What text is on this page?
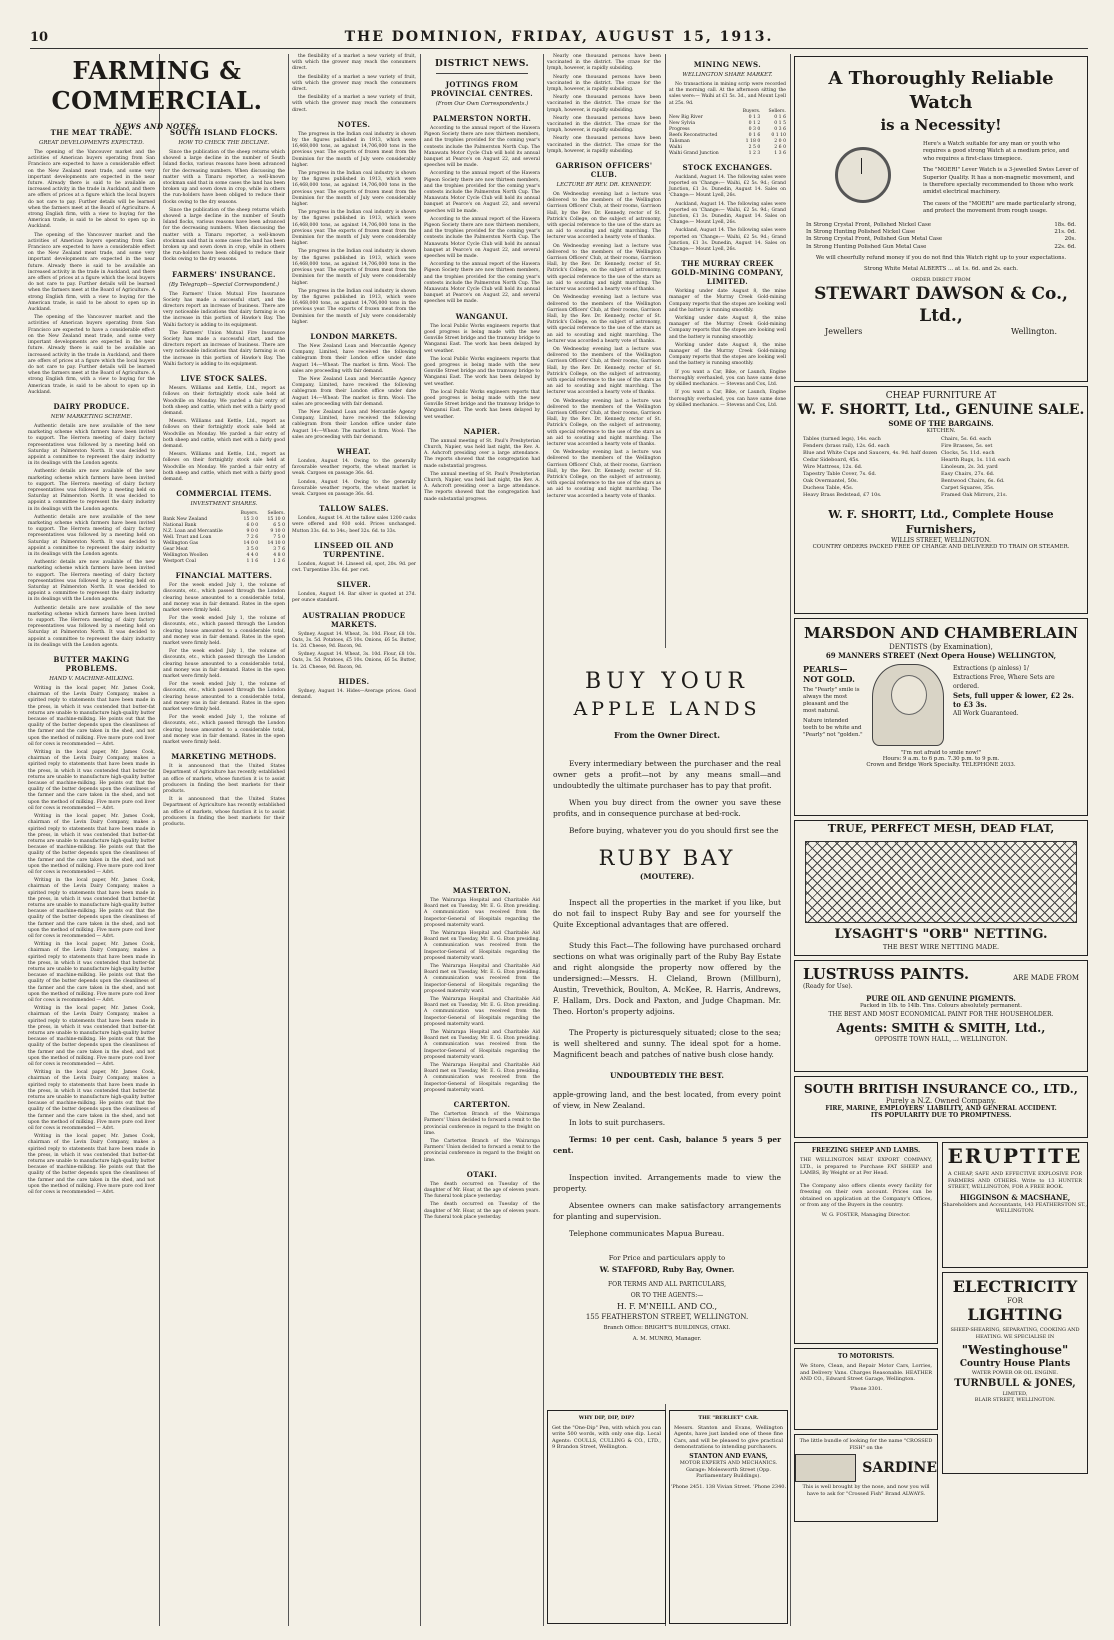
10	THE DOMINION, FRIDAY, AUGUST 15, 1913.
FARMING & COMMERCIAL.
NEWS AND NOTES.
THE MEAT TRADE.
GREAT DEVELOPMENTS EXPECTED.

The opening of the Vancouver market and the activities of American buyers operating from San Francisco are expected to have a considerable effect on the New Zealand meat trade, and some very important developments are expected in the near future. Already there is said to be available an increased activity in the trade in Auckland, and there are offers of prices at a figure which the local buyers do not care to pay. Further details will be learned when the farmers meet at the Board of Agriculture. A strong English firm, with a view to buying for the American trade, is said to be about to open up in Auckland.

The opening of the Vancouver market and the activities of American buyers operating from San Francisco are expected to have a considerable effect on the New Zealand meat trade, and some very important developments are expected in the near future. Already there is said to be available an increased activity in the trade in Auckland, and there are offers of prices at a figure which the local buyers do not care to pay. Further details will be learned when the farmers meet at the Board of Agriculture. A strong English firm, with a view to buying for the American trade, is said to be about to open up in Auckland.

The opening of the Vancouver market and the activities of American buyers operating from San Francisco are expected to have a considerable effect on the New Zealand meat trade, and some very important developments are expected in the near future. Already there is said to be available an increased activity in the trade in Auckland, and there are offers of prices at a figure which the local buyers do not care to pay. Further details will be learned when the farmers meet at the Board of Agriculture. A strong English firm, with a view to buying for the American trade, is said to be about to open up in Auckland.

DAIRY PRODUCE.
NEW MARKETING SCHEME.

Authentic details are now available of the new marketing scheme which farmers have been invited to support. The Herrera meeting of dairy factory representatives was followed by a meeting held on Saturday at Palmerston North. It was decided to appoint a committee to represent the dairy industry in its dealings with the London agents.

Authentic details are now available of the new marketing scheme which farmers have been invited to support. The Herrera meeting of dairy factory representatives was followed by a meeting held on Saturday at Palmerston North. It was decided to appoint a committee to represent the dairy industry in its dealings with the London agents.

Authentic details are now available of the new marketing scheme which farmers have been invited to support. The Herrera meeting of dairy factory representatives was followed by a meeting held on Saturday at Palmerston North. It was decided to appoint a committee to represent the dairy industry in its dealings with the London agents.

Authentic details are now available of the new marketing scheme which farmers have been invited to support. The Herrera meeting of dairy factory representatives was followed by a meeting held on Saturday at Palmerston North. It was decided to appoint a committee to represent the dairy industry in its dealings with the London agents.

Authentic details are now available of the new marketing scheme which farmers have been invited to support. The Herrera meeting of dairy factory representatives was followed by a meeting held on Saturday at Palmerston North. It was decided to appoint a committee to represent the dairy industry in its dealings with the London agents.

BUTTER MAKING PROBLEMS.
HAND V. MACHINE-MILKING.

Writing in the local paper, Mr. James Cook, chairman of the Levin Dairy Company, makes a spirited reply to statements that have been made in the press, in which it was contended that butter-fat returns are unable to manufacture high-quality butter because of machine-milking. He points out that the quality of the butter depends upon the cleanliness of the farmer and the care taken in the shed, and not upon the method of milking. Five more pure cod liver oil for cows is recommended — Advt.

Writing in the local paper, Mr. James Cook, chairman of the Levin Dairy Company, makes a spirited reply to statements that have been made in the press, in which it was contended that butter-fat returns are unable to manufacture high-quality butter because of machine-milking. He points out that the quality of the butter depends upon the cleanliness of the farmer and the care taken in the shed, and not upon the method of milking. Five more pure cod liver oil for cows is recommended — Advt.

Writing in the local paper, Mr. James Cook, chairman of the Levin Dairy Company, makes a spirited reply to statements that have been made in the press, in which it was contended that butter-fat returns are unable to manufacture high-quality butter because of machine-milking. He points out that the quality of the butter depends upon the cleanliness of the farmer and the care taken in the shed, and not upon the method of milking. Five more pure cod liver oil for cows is recommended — Advt.

Writing in the local paper, Mr. James Cook, chairman of the Levin Dairy Company, makes a spirited reply to statements that have been made in the press, in which it was contended that butter-fat returns are unable to manufacture high-quality butter because of machine-milking. He points out that the quality of the butter depends upon the cleanliness of the farmer and the care taken in the shed, and not upon the method of milking. Five more pure cod liver oil for cows is recommended — Advt.

Writing in the local paper, Mr. James Cook, chairman of the Levin Dairy Company, makes a spirited reply to statements that have been made in the press, in which it was contended that butter-fat returns are unable to manufacture high-quality butter because of machine-milking. He points out that the quality of the butter depends upon the cleanliness of the farmer and the care taken in the shed, and not upon the method of milking. Five more pure cod liver oil for cows is recommended — Advt.

Writing in the local paper, Mr. James Cook, chairman of the Levin Dairy Company, makes a spirited reply to statements that have been made in the press, in which it was contended that butter-fat returns are unable to manufacture high-quality butter because of machine-milking. He points out that the quality of the butter depends upon the cleanliness of the farmer and the care taken in the shed, and not upon the method of milking. Five more pure cod liver oil for cows is recommended — Advt.

Writing in the local paper, Mr. James Cook, chairman of the Levin Dairy Company, makes a spirited reply to statements that have been made in the press, in which it was contended that butter-fat returns are unable to manufacture high-quality butter because of machine-milking. He points out that the quality of the butter depends upon the cleanliness of the farmer and the care taken in the shed, and not upon the method of milking. Five more pure cod liver oil for cows is recommended — Advt.

Writing in the local paper, Mr. James Cook, chairman of the Levin Dairy Company, makes a spirited reply to statements that have been made in the press, in which it was contended that butter-fat returns are unable to manufacture high-quality butter because of machine-milking. He points out that the quality of the butter depends upon the cleanliness of the farmer and the care taken in the shed, and not upon the method of milking. Five more pure cod liver oil for cows is recommended — Advt.

SOUTH ISLAND FLOCKS.
HOW TO CHECK THE DECLINE.

Since the publication of the sheep returns which showed a large decline in the number of South Island flocks, various reasons have been advanced for the decreasing numbers. When discussing the matter with a Timaru reporter, a well-known stockman said that in some cases the land has been broken up and sown down in crop, while in others the run-holders have been obliged to reduce their flocks owing to the dry seasons.

Since the publication of the sheep returns which showed a large decline in the number of South Island flocks, various reasons have been advanced for the decreasing numbers. When discussing the matter with a Timaru reporter, a well-known stockman said that in some cases the land has been broken up and sown down in crop, while in others the run-holders have been obliged to reduce their flocks owing to the dry seasons.

FARMERS' INSURANCE.
(By Telegraph—Special Correspondent.)

The Farmers' Union Mutual Fire Insurance Society has made a successful start, and the directors report an increase of business. There are very noticeable indications that dairy farming is on the increase in this portion of Hawke's Bay. The Waihi factory is adding to its equipment.

The Farmers' Union Mutual Fire Insurance Society has made a successful start, and the directors report an increase of business. There are very noticeable indications that dairy farming is on the increase in this portion of Hawke's Bay. The Waihi factory is adding to its equipment.

LIVE STOCK SALES.

Messrs. Williams and Kettle, Ltd., report as follows on their fortnightly stock sale held at Woodville on Monday. We yarded a fair entry of both sheep and cattle, which met with a fairly good demand.

Messrs. Williams and Kettle, Ltd., report as follows on their fortnightly stock sale held at Woodville on Monday. We yarded a fair entry of both sheep and cattle, which met with a fairly good demand.

Messrs. Williams and Kettle, Ltd., report as follows on their fortnightly stock sale held at Woodville on Monday. We yarded a fair entry of both sheep and cattle, which met with a fairly good demand.

COMMERCIAL ITEMS.
INVESTMENT SHARES.
	Buyers.	Sellers.
Bank New Zealand	15 3 0	15 10 0
National Bank	6 0 0	6 5 0
N.Z. Loan and Mercantile	9 0 0	9 10 0
Well. Trust and Loan	7 2 6	7 5 0
Wellington Gas	14 0 0	14 10 0
Gear Meat	3 5 0	3 7 6
Wellington Woollen	4 4 0	4 8 0
Westport Coal	1 1 6	1 2 6
FINANCIAL MATTERS.

For the week ended July 1, the volume of discounts, etc., which passed through the London clearing house amounted to a considerable total, and money was in fair demand. Rates in the open market were firmly held.

For the week ended July 1, the volume of discounts, etc., which passed through the London clearing house amounted to a considerable total, and money was in fair demand. Rates in the open market were firmly held.

For the week ended July 1, the volume of discounts, etc., which passed through the London clearing house amounted to a considerable total, and money was in fair demand. Rates in the open market were firmly held.

For the week ended July 1, the volume of discounts, etc., which passed through the London clearing house amounted to a considerable total, and money was in fair demand. Rates in the open market were firmly held.

For the week ended July 1, the volume of discounts, etc., which passed through the London clearing house amounted to a considerable total, and money was in fair demand. Rates in the open market were firmly held.

MARKETING METHODS.

It is announced that the United States Department of Agriculture has recently established an office of markets, whose function it is to assist producers in finding the best markets for their products.

It is announced that the United States Department of Agriculture has recently established an office of markets, whose function it is to assist producers in finding the best markets for their products.

the flexibility of a market a new variety of fruit, with which the grower may reach the consumers direct.

the flexibility of a market a new variety of fruit, with which the grower may reach the consumers direct.

the flexibility of a market a new variety of fruit, with which the grower may reach the consumers direct.

NOTES.

The progress in the Indian coal industry is shown by the figures published in 1913, which were 16,468,000 tons, as against 14,706,000 tons in the previous year. The exports of frozen meat from the Dominion for the month of July were considerably higher.

The progress in the Indian coal industry is shown by the figures published in 1913, which were 16,468,000 tons, as against 14,706,000 tons in the previous year. The exports of frozen meat from the Dominion for the month of July were considerably higher.

The progress in the Indian coal industry is shown by the figures published in 1913, which were 16,468,000 tons, as against 14,706,000 tons in the previous year. The exports of frozen meat from the Dominion for the month of July were considerably higher.

The progress in the Indian coal industry is shown by the figures published in 1913, which were 16,468,000 tons, as against 14,706,000 tons in the previous year. The exports of frozen meat from the Dominion for the month of July were considerably higher.

The progress in the Indian coal industry is shown by the figures published in 1913, which were 16,468,000 tons, as against 14,706,000 tons in the previous year. The exports of frozen meat from the Dominion for the month of July were considerably higher.

LONDON MARKETS.

The New Zealand Loan and Mercantile Agency Company, Limited, have received the following cablegram from their London office under date August 14:—Wheat: The market is firm. Wool: The sales are proceeding with fair demand.

The New Zealand Loan and Mercantile Agency Company, Limited, have received the following cablegram from their London office under date August 14:—Wheat: The market is firm. Wool: The sales are proceeding with fair demand.

The New Zealand Loan and Mercantile Agency Company, Limited, have received the following cablegram from their London office under date August 14:—Wheat: The market is firm. Wool: The sales are proceeding with fair demand.

WHEAT.

London, August 14. Owing to the generally favourable weather reports, the wheat market is weak. Cargoes on passage 36s. 6d.

London, August 14. Owing to the generally favourable weather reports, the wheat market is weak. Cargoes on passage 36s. 6d.

TALLOW SALES.

London, August 14. At the tallow sales 1200 casks were offered and 930 sold. Prices unchanged. Mutton 33s. 6d. to 34s.; beef 32s. 6d. to 33s.

LINSEED OIL AND TURPENTINE.

London, August 14. Linseed oil, spot, 20s. 9d. per cwt. Turpentine 33s. 6d. per cwt.

SILVER.

London, August 14. Bar silver is quoted at 27d. per ounce standard.

AUSTRALIAN PRODUCE MARKETS.

Sydney, August 14. Wheat, 3s. 10d. Flour, £8 10s. Oats, 3s. 5d. Potatoes, £5 10s. Onions, £6 5s. Butter, 1s. 2d. Cheese, 9d. Bacon, 9d.

Sydney, August 14. Wheat, 3s. 10d. Flour, £8 10s. Oats, 3s. 5d. Potatoes, £5 10s. Onions, £6 5s. Butter, 1s. 2d. Cheese, 9d. Bacon, 9d.

HIDES.

Sydney, August 14. Hides—Average prices. Good demand.

DISTRICT NEWS.
JOTTINGS FROM PROVINCIAL CENTRES.
(From Our Own Correspondents.)
PALMERSTON NORTH.

According to the annual report of the Hawera Pigeon Society there are now thirteen members, and the trophies provided for the coming year's contests include the Palmerston North Cup. The Manawatu Motor Cycle Club will hold its annual banquet at Pearce's on August 22, and several speeches will be made.

According to the annual report of the Hawera Pigeon Society there are now thirteen members, and the trophies provided for the coming year's contests include the Palmerston North Cup. The Manawatu Motor Cycle Club will hold its annual banquet at Pearce's on August 22, and several speeches will be made.

According to the annual report of the Hawera Pigeon Society there are now thirteen members, and the trophies provided for the coming year's contests include the Palmerston North Cup. The Manawatu Motor Cycle Club will hold its annual banquet at Pearce's on August 22, and several speeches will be made.

According to the annual report of the Hawera Pigeon Society there are now thirteen members, and the trophies provided for the coming year's contests include the Palmerston North Cup. The Manawatu Motor Cycle Club will hold its annual banquet at Pearce's on August 22, and several speeches will be made.

WANGANUI.

The local Public Works engineers reports that good progress is being made with the new Gonville Street bridge and the tramway bridge to Wanganui East. The work has been delayed by wet weather.

The local Public Works engineers reports that good progress is being made with the new Gonville Street bridge and the tramway bridge to Wanganui East. The work has been delayed by wet weather.

The local Public Works engineers reports that good progress is being made with the new Gonville Street bridge and the tramway bridge to Wanganui East. The work has been delayed by wet weather.

NAPIER.

The annual meeting of St. Paul's Presbyterian Church, Napier, was held last night, the Rev. A. A. Ashcroft presiding over a large attendance. The reports showed that the congregation had made substantial progress.

The annual meeting of St. Paul's Presbyterian Church, Napier, was held last night, the Rev. A. A. Ashcroft presiding over a large attendance. The reports showed that the congregation had made substantial progress.

Nearly one thousand persons have been vaccinated in the district. The craze for the lymph, however, is rapidly subsiding.

Nearly one thousand persons have been vaccinated in the district. The craze for the lymph, however, is rapidly subsiding.

Nearly one thousand persons have been vaccinated in the district. The craze for the lymph, however, is rapidly subsiding.

Nearly one thousand persons have been vaccinated in the district. The craze for the lymph, however, is rapidly subsiding.

Nearly one thousand persons have been vaccinated in the district. The craze for the lymph, however, is rapidly subsiding.

GARRISON OFFICERS' CLUB.
LECTURE BY REV. DR. KENNEDY.

On Wednesday evening last a lecture was delivered to the members of the Wellington Garrison Officers' Club, at their rooms, Garrison Hall, by the Rev. Dr. Kennedy, rector of St. Patrick's College, on the subject of astronomy, with special reference to the use of the stars as an aid to scouting and night marching. The lecturer was accorded a hearty vote of thanks.

On Wednesday evening last a lecture was delivered to the members of the Wellington Garrison Officers' Club, at their rooms, Garrison Hall, by the Rev. Dr. Kennedy, rector of St. Patrick's College, on the subject of astronomy, with special reference to the use of the stars as an aid to scouting and night marching. The lecturer was accorded a hearty vote of thanks.

On Wednesday evening last a lecture was delivered to the members of the Wellington Garrison Officers' Club, at their rooms, Garrison Hall, by the Rev. Dr. Kennedy, rector of St. Patrick's College, on the subject of astronomy, with special reference to the use of the stars as an aid to scouting and night marching. The lecturer was accorded a hearty vote of thanks.

On Wednesday evening last a lecture was delivered to the members of the Wellington Garrison Officers' Club, at their rooms, Garrison Hall, by the Rev. Dr. Kennedy, rector of St. Patrick's College, on the subject of astronomy, with special reference to the use of the stars as an aid to scouting and night marching. The lecturer was accorded a hearty vote of thanks.

On Wednesday evening last a lecture was delivered to the members of the Wellington Garrison Officers' Club, at their rooms, Garrison Hall, by the Rev. Dr. Kennedy, rector of St. Patrick's College, on the subject of astronomy, with special reference to the use of the stars as an aid to scouting and night marching. The lecturer was accorded a hearty vote of thanks.

On Wednesday evening last a lecture was delivered to the members of the Wellington Garrison Officers' Club, at their rooms, Garrison Hall, by the Rev. Dr. Kennedy, rector of St. Patrick's College, on the subject of astronomy, with special reference to the use of the stars as an aid to scouting and night marching. The lecturer was accorded a hearty vote of thanks.

MINING NEWS.
WELLINGTON SHARE MARKET.

No transactions in mining scrip were recorded at the morning call. At the afternoon sitting the sales were:— Waihi at £1 5s. 3d., and Mount Lyell at 25s. 9d.

	Buyers.	Sellers.
New Big River	0 1 3	0 1 6
New Sylvia	0 1 2	0 1 5
Progress	0 3 0	0 3 6
Reefs Reconstructed	0 1 6	0 1 10
Talisman	1 18 0	2 0 0
Waihi	2 5 0	2 6 0
Waihi Grand Junction	1 2 3	1 3 6
STOCK EXCHANGES.

Auckland, August 14. The following sales were reported on 'Change:— Waihi, £2 5s. 9d.; Grand Junction, £1 3s. Dunedin, August 14. Sales on 'Change:— Mount Lyell, 26s.

Auckland, August 14. The following sales were reported on 'Change:— Waihi, £2 5s. 9d.; Grand Junction, £1 3s. Dunedin, August 14. Sales on 'Change:— Mount Lyell, 26s.

Auckland, August 14. The following sales were reported on 'Change:— Waihi, £2 5s. 9d.; Grand Junction, £1 3s. Dunedin, August 14. Sales on 'Change:— Mount Lyell, 26s.

THE MURRAY CREEK GOLD-MINING COMPANY, LIMITED.

Working under date August 8, the mine manager of the Murray Creek Gold-mining Company reports that the stopes are looking well and the battery is running smoothly.

Working under date August 8, the mine manager of the Murray Creek Gold-mining Company reports that the stopes are looking well and the battery is running smoothly.

Working under date August 8, the mine manager of the Murray Creek Gold-mining Company reports that the stopes are looking well and the battery is running smoothly.

If you want a Car, Bike, or Launch, Engine thoroughly overhauled, you can have same done by skilled mechanics. — Stevens and Cox, Ltd.

If you want a Car, Bike, or Launch, Engine thoroughly overhauled, you can have same done by skilled mechanics. — Stevens and Cox, Ltd.

BUY YOUR
APPLE LANDS
From the Owner Direct.

Every intermediary between the purchaser and the real owner gets a profit—not by any means small—and undoubtedly the ultimate purchaser has to pay that profit.

When you buy direct from the owner you save these profits, and in consequence purchase at bed-rock.

Before buying, whatever you do you should first see the

RUBY BAY
(MOUTERE).

Inspect all the properties in the market if you like, but do not fail to inspect Ruby Bay and see for yourself the Quite Exceptional advantages that are offered.

Study this Fact—The following have purchased orchard sections on what was originally part of the Ruby Bay Estate and right alongside the property now offered by the undersigned:—Messrs. H. Cleland, Brown (Millburn), Austin, Trevethick, Boulton, A. McKee, R. Harris, Andrews, F. Hallam, Drs. Dock and Paxton, and Judge Chapman. Mr. Theo. Horton's property adjoins.

The Property is picturesquely situated; close to the sea; is well sheltered and sunny. The ideal spot for a home. Magnificent beach and patches of native bush close handy.

UNDOUBTEDLY THE BEST.

apple-growing land, and the best located, from every point of view, in New Zealand.

In lots to suit purchasers.

Terms: 10 per cent. Cash, balance 5 years 5 per cent.

Inspection invited. Arrangements made to view the property.

Absentee owners can make satisfactory arrangements for planting and supervision.

Telephone communicates Mapua Bureau.

For Price and particulars apply to
W. STAFFORD, Ruby Bay, Owner.
FOR TERMS AND ALL PARTICULARS,
OR TO THE AGENTS:—
H. F. M'NEILL AND CO.,
155 FEATHERSTON STREET, WELLINGTON.
Branch Office: BRIGHT'S BUILDINGS, OTAKI.
A. M. MUNRO, Manager.
MASTERTON.

The Wairarapa Hospital and Charitable Aid Board met on Tuesday, Mr. E. G. Eton presiding. A communication was received from the Inspector-General of Hospitals regarding the proposed maternity ward.

The Wairarapa Hospital and Charitable Aid Board met on Tuesday, Mr. E. G. Eton presiding. A communication was received from the Inspector-General of Hospitals regarding the proposed maternity ward.

The Wairarapa Hospital and Charitable Aid Board met on Tuesday, Mr. E. G. Eton presiding. A communication was received from the Inspector-General of Hospitals regarding the proposed maternity ward.

The Wairarapa Hospital and Charitable Aid Board met on Tuesday, Mr. E. G. Eton presiding. A communication was received from the Inspector-General of Hospitals regarding the proposed maternity ward.

The Wairarapa Hospital and Charitable Aid Board met on Tuesday, Mr. E. G. Eton presiding. A communication was received from the Inspector-General of Hospitals regarding the proposed maternity ward.

The Wairarapa Hospital and Charitable Aid Board met on Tuesday, Mr. E. G. Eton presiding. A communication was received from the Inspector-General of Hospitals regarding the proposed maternity ward.

CARTERTON.

The Carterton Branch of the Wairarapa Farmers' Union decided to forward a remit to the provincial conference in regard to the freight on lime.

The Carterton Branch of the Wairarapa Farmers' Union decided to forward a remit to the provincial conference in regard to the freight on lime.

OTAKI.

The death occurred on Tuesday of the daughter of Mr. Hoar, at the age of eleven years. The funeral took place yesterday.

The death occurred on Tuesday of the daughter of Mr. Hoar, at the age of eleven years. The funeral took place yesterday.

WHY DIP, DIP, DIP?
Get the "One-Dip" Pen, with which you can write 500 words, with only one dip. Local Agents: COULLS, CULLING & CO., LTD., 9 Brandon Street, Wellington.
THE "BERLIET" CAR.
Messrs. Stanton and Evans, Wellington Agents, have just landed one of these fine Cars, and will be pleased to give practical demonstrations to intending purchasers.
STANTON AND EVANS,
MOTOR EXPERTS AND MECHANICS.
Garage: Molesworth Street (Opp. Parliamentary Buildings).
'Phone 2451. 138 Vivian Street. 'Phone 2340.
A Thoroughly Reliable Watch
is a Necessity!

Here's a Watch suitable for any man or youth who requires a good strong Watch at a medium price, and who requires a first-class timepiece.

The "MOERI" Lever Watch is a 3-jewelled Swiss Lever of Superior Quality. It has a non-magnetic movement, and is therefore specially recommended to those who work amidst electrical machinery.

The cases of the "MOERI" are made particularly strong, and protect the movement from rough usage.

In Strong Crystal Front, Polished Nickel Case	18s. 6d.
In Strong Hunting Polished Nickel Case	21s. 0d.
In Strong Crystal Front, Polished Gun Metal Case	20s.
In Strong Hunting Polished Gun Metal Case	22s. 6d.
We will cheerfully refund money if you do not find this Watch right up to your expectations.
Strong White Metal ALBERTS ... at 1s. 6d. and 2s. each.
ORDER DIRECT FROM
STEWART DAWSON & Co., Ltd.,
Jewellers	Wellington.
CHEAP FURNITURE AT
W. F. SHORTT, Ltd., GENUINE SALE.
SOME OF THE BARGAINS.
KITCHEN.
Tables (turned legs), 14s. each
Fenders (brass rail), 12s. 6d. each
Blue and White Cups and Saucers, 4s. 9d. half dozen
Cedar Sideboard, 45s.
Wire Mattress, 12s. 6d.
Tapestry Table Cover, 7s. 6d.
Oak Overmantel, 50s.
Duchess Table, 45s.
Heavy Brass Bedstead, £7 10s.
Chairs, 5s. 6d. each
Fire Brasses, 5s. set
Clocks, 5s. 11d. each
Hearth Rugs, 1s. 11d. each
Linoleum, 2s. 3d. yard
Easy Chairs, 27s. 6d.
Bentwood Chairs, 6s. 6d.
Carpet Squares, 35s.
Framed Oak Mirrors, 21s.
W. F. SHORTT, Ltd., Complete House Furnishers,
WILLIS STREET, WELLINGTON.
COUNTRY ORDERS PACKED FREE OF CHARGE AND DELIVERED TO TRAIN OR STEAMER.
MARSDON AND CHAMBERLAIN
DENTISTS (by Examination),
69 MANNERS STREET (Next Opera House) WELLINGTON,
PEARLS— NOT GOLD.

The "Pearly" smile is always the most pleasant and the most natural.

Nature intended teeth to be white and "Pearly" not "golden."

Extractions (p ainless) 1/
Extractions Free, Where Sets are ordered.
Sets, full upper & lower, £2 2s. to £3 3s.
All Work Guaranteed.
"I'm not afraid to smile now!"
Hours: 9 a.m. to 6 p.m. 7.30 p.m. to 9 p.m.
Crown and Bridge Work Specialty. TELEPHONE 2033.
TRUE, PERFECT MESH, DEAD FLAT,
LYSAGHT'S "ORB" NETTING.
THE BEST WIRE NETTING MADE.
LUSTRUSS PAINTS.
(Ready for Use).
ARE MADE FROM
PURE OIL AND GENUINE PIGMENTS.
Packed in 1lb. to 14lb. Tins. Colours absolutely permanent.
THE BEST AND MOST ECONOMICAL PAINT FOR THE HOUSEHOLDER.
Agents: SMITH & SMITH, Ltd.,
OPPOSITE TOWN HALL, ... WELLINGTON.
SOUTH BRITISH INSURANCE CO., LTD.,
Purely a N.Z. Owned Company.
FIRE, MARINE, EMPLOYERS' LIABILITY, AND GENERAL ACCIDENT.
ITS POPULARITY DUE TO PROMPTNESS.
FREEZING SHEEP AND LAMBS.
THE WELLINGTON MEAT EXPORT COMPANY, LTD., is prepared to Purchase FAT SHEEP and LAMBS, By Weight or at Per Head.
The Company also offers clients every facility for freezing on their own account. Prices can be obtained on application at the Company's Offices, or from any of the Buyers in the country.
W. G. FOSTER, Managing Director.
ERUPTITE
A CHEAP, SAFE AND EFFECTIVE EXPLOSIVE FOR FARMERS AND OTHERS. Write to 13 HUNTER STREET, WELLINGTON, FOR A FREE BOOK.
HIGGINSON & MACSHANE,
Shareholders and Accountants, 143 FEATHERSTON ST., WELLINGTON.
TO MOTORISTS.
We Store, Clean, and Repair Motor Cars, Lorries, and Delivery Vans. Charges Reasonable. HEATHER AND CO., Edward Street Garage, Wellington.
'Phone 3301.
ELECTRICITY
FOR
LIGHTING
SHEEP-SHEARING, SEPARATING, COOKING AND HEATING. WE SPECIALISE IN
"Westinghouse"
Country House Plants
WATER POWER OR OIL ENGINE.
TURNBULL & JONES,
LIMITED,
BLAIR STREET, WELLINGTON.
The little bundle of looking for the name "CROSSED FISH" on the
SARDINE
This is well brought by the nose, and now you will have to ask for "Crossed Fish" Brand ALWAYS.
